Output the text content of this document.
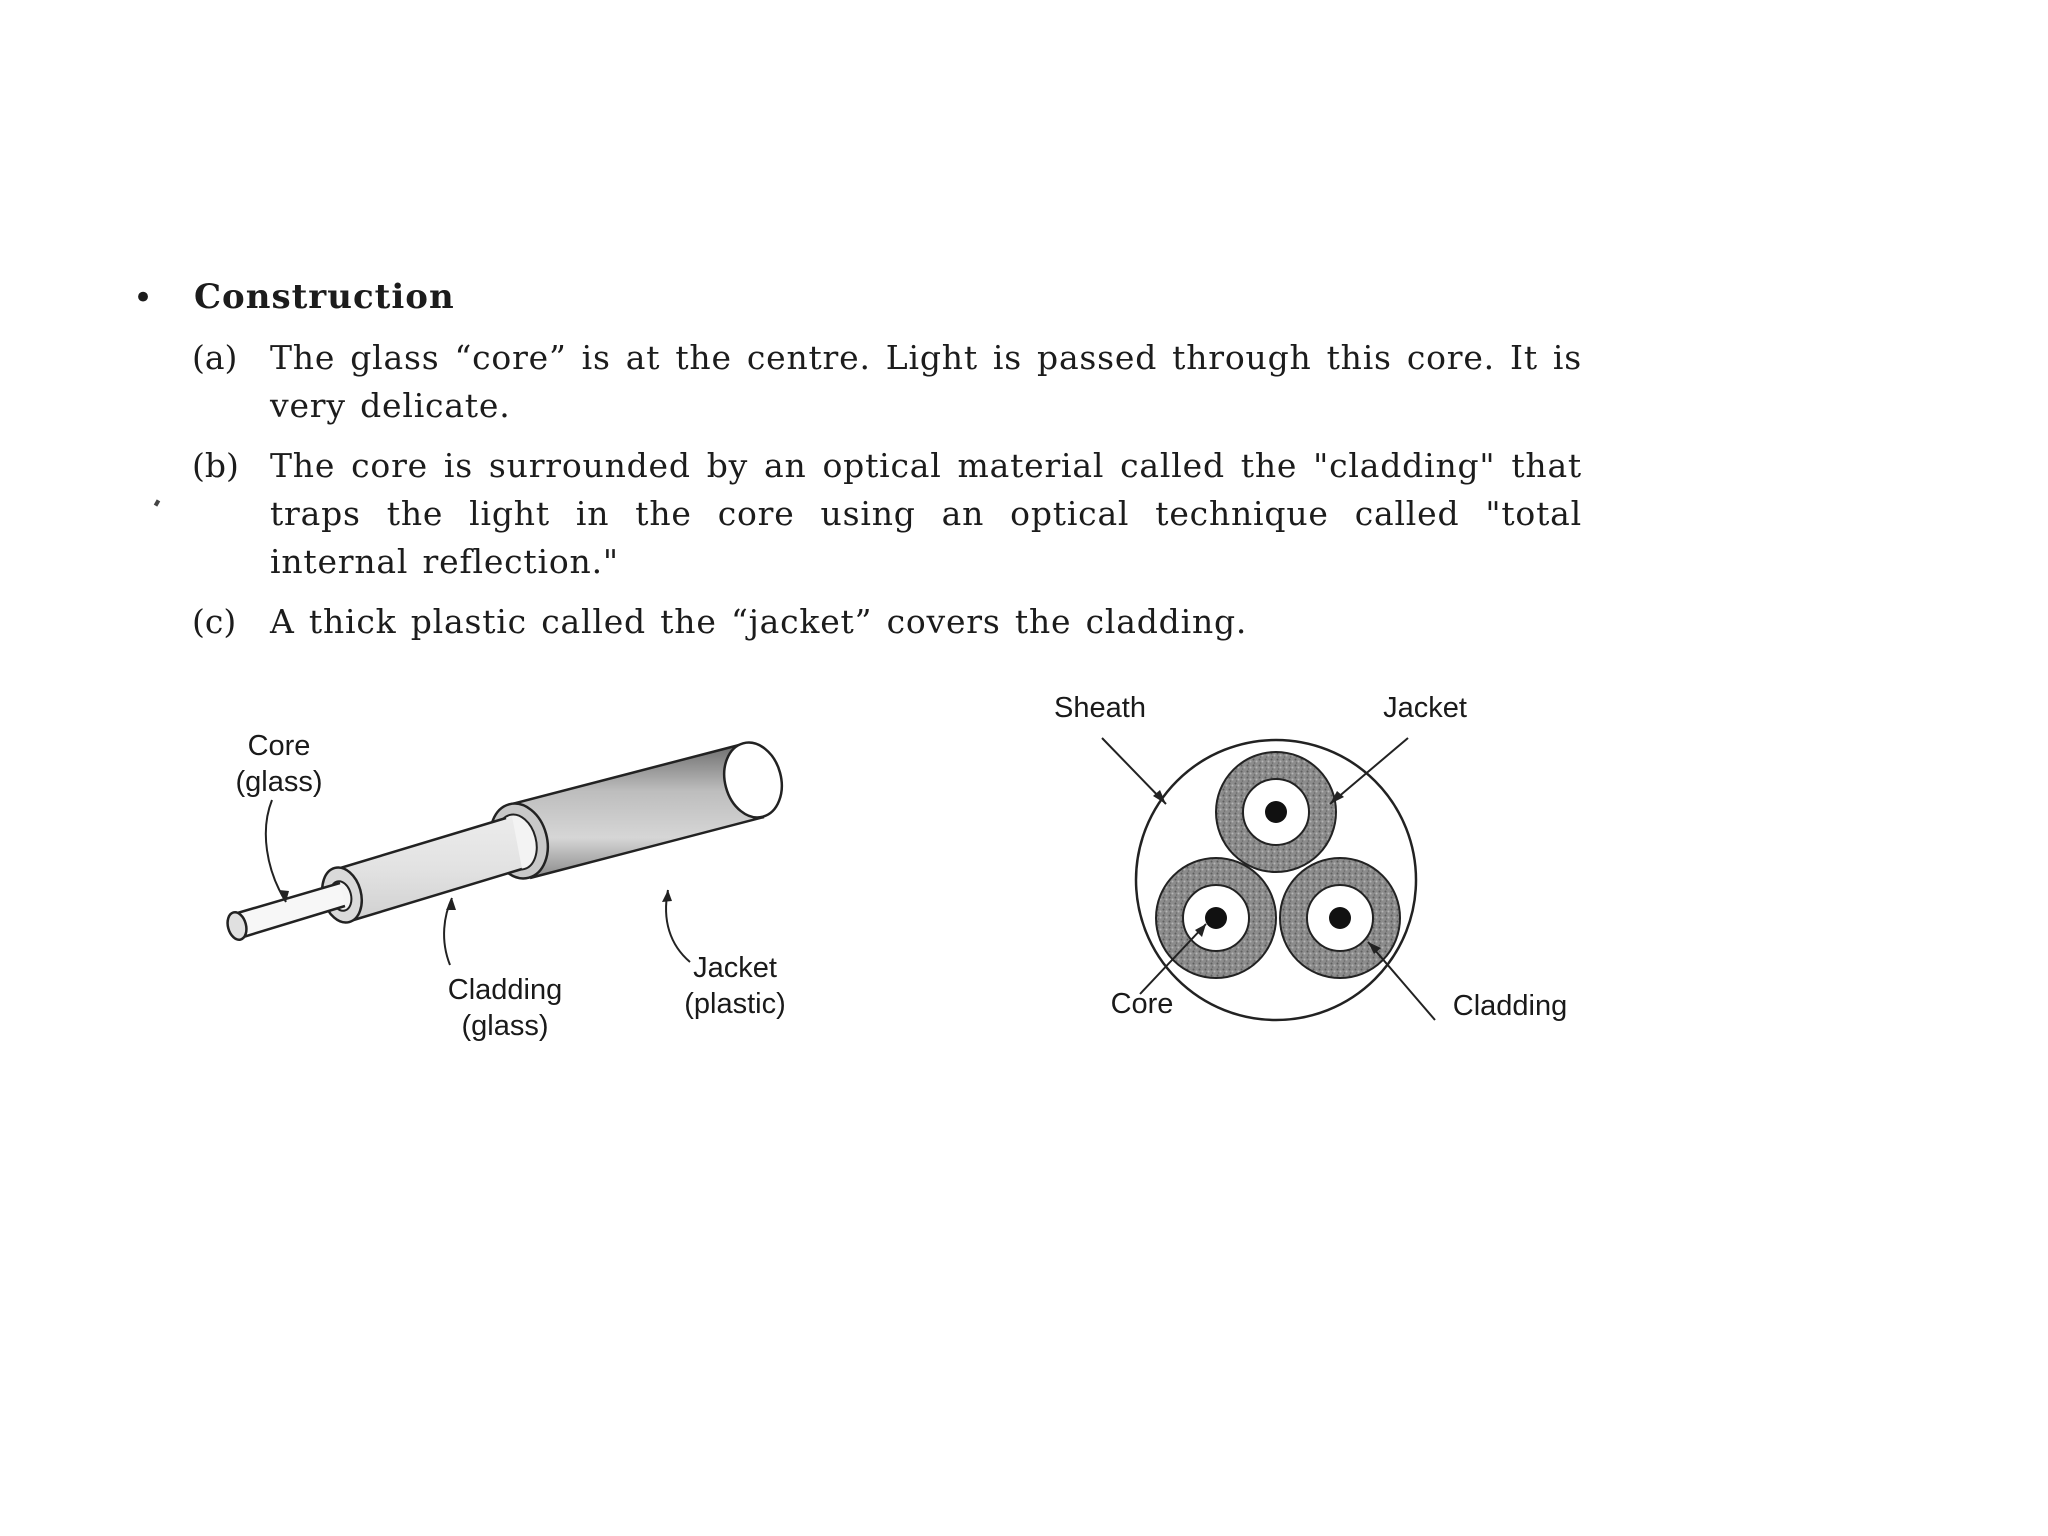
• Construction
(a) The glass “core” is at the centre. Light is passed through this core. It is very delicate.
(b) The core is surrounded by an optical material called the "cladding" that traps the light in the core using an optical technique called "total internal reflection."
(c)	A thick plastic called the “jacket” covers the cladding.
Core
(glass)
Cladding
(glass)
Jacket
(plastic)
Sheath	Jacket
Core	Cladding
